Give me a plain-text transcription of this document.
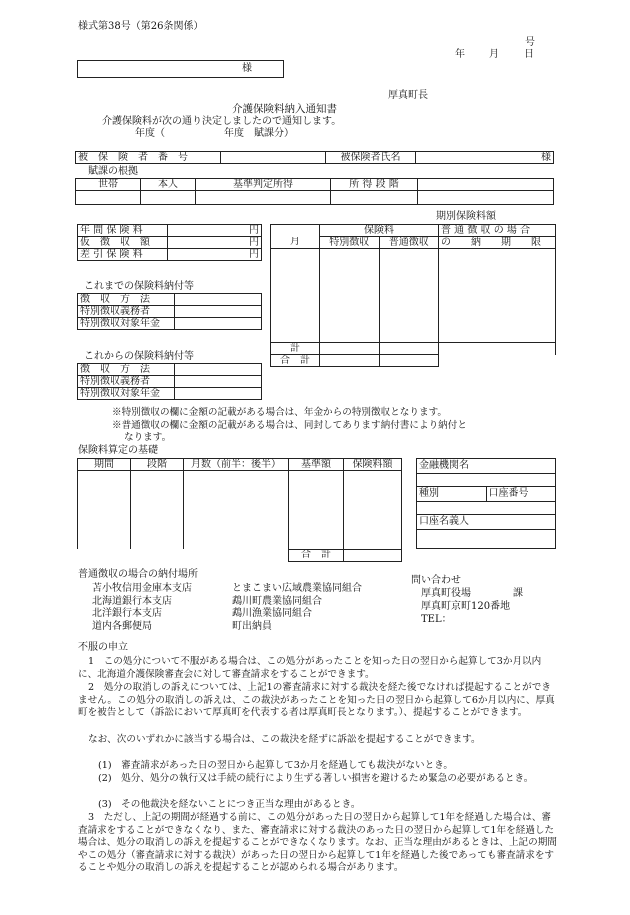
様式第38号（第26条関係）
号
年 月	日
様
厚真町長
介護保険料納入通知書
介護保険料が次の通り決定しましたので通知します。
年度（	年度　賦課分）
被　保　険　者　番　号		被保険者氏名	様
賦課の根拠
世帯	本人	基準判定所得	所 得 段 階	

期別保険料額
年 間 保 険 料	円
仮　徴　収　額	円
差 引 保 険 料	円
	保険料		普 通 徴 収 の 場 合
月	特別徴収	普通徴収	の　　納　　期　　限

計			
合　計			
これまでの保険料納付等
徴　収　方　法	
特別徴収義務者	
特別徴収対象年金	
これからの保険料納付等
徴　収　方　法	
特別徴収義務者	
特別徴収対象年金	
※特別徴収の欄に金額の記載がある場合は、年金からの特別徴収となります。
※普通徴収の欄に金額の記載がある場合は、同封してあります納付書により納付と
なります。
保険料算定の基礎
期間	段階	月数（前半：後半）	基準額	保険料額

			合　計	
金融機関名

種別	口座番号

口座名義人

普通徴収の場合の納付場所
苫小牧信用金庫本支店
北海道銀行本支店
北洋銀行本支店
道内各郵便局
とまこまい広域農業協同組合
鵡川町農業協同組合
鵡川漁業協同組合
町出納員
問い合わせ
厚真町役場	課
厚真町京町120番地
TEL：
不服の申立
1　この処分について不服がある場合は、この処分があったことを知った日の翌日から起算して3か月以内に、北海道介護保険審査会に対して審査請求をすることができます。
2　処分の取消しの訴えについては、上記1の審査請求に対する裁決を経た後でなければ提起することができません。この処分の取消しの訴えは、この裁決があったことを知った日の翌日から起算して6か月以内に、厚真町を被告として（訴訟において厚真町を代表する者は厚真町長となります。）、提起することができます。
なお、次のいずれかに該当する場合は、この裁決を経ずに訴訟を提起することができます。
(1)　審査請求があった日の翌日から起算して3か月を経過しても裁決がないとき。
(2)　処分、処分の執行又は手続の続行により生ずる著しい損害を避けるため緊急の必要があるとき。
(3)　その他裁決を経ないことにつき正当な理由があるとき。
3　ただし、上記の期間が経過する前に、この処分があった日の翌日から起算して1年を経過した場合は、審査請求をすることができなくなり、また、審査請求に対する裁決のあった日の翌日から起算して1年を経過した場合は、処分の取消しの訴えを提起することができなくなります。なお、正当な理由があるときは、上記の期間やこの処分（審査請求に対する裁決）があった日の翌日から起算して1年を経過した後であっても審査請求をすることや処分の取消しの訴えを提起することが認められる場合があります。
